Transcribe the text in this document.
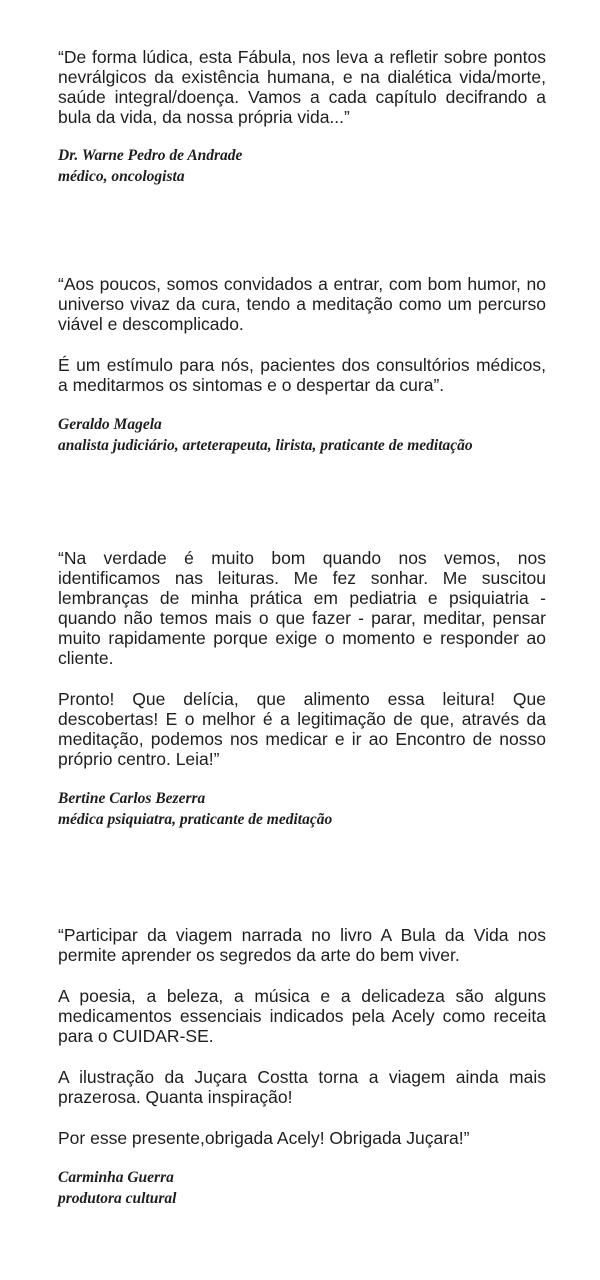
“De forma lúdica, esta Fábula, nos leva a refletir sobre pontos nevrálgicos da existência humana, e na dialética vida/morte, saúde integral/doença. Vamos a cada capítulo decifrando a bula da vida, da nossa própria vida...”

Dr. Warne Pedro de Andrade

médico, oncologista

“Aos poucos, somos convidados a entrar, com bom humor, no universo vivaz da cura, tendo a meditação como um percurso viável e descomplicado.

É um estímulo para nós, pacientes dos consultórios médicos, a meditarmos os sintomas e o despertar da cura”.

Geraldo Magela

analista judiciário, arteterapeuta, lirista, praticante de meditação

“Na verdade é muito bom quando nos vemos, nos identificamos nas leituras. Me fez sonhar. Me suscitou lembranças de minha prática em pediatria e psiquiatria - quando não temos mais o que fazer - parar, meditar, pensar muito rapidamente porque exige o momento e responder ao cliente.

Pronto! Que delícia, que alimento essa leitura! Que descobertas! E o melhor é a legitimação de que, através da meditação, podemos nos medicar e ir ao Encontro de nosso próprio centro. Leia!”

Bertine Carlos Bezerra

médica psiquiatra, praticante de meditação

“Participar da viagem narrada no livro A Bula da Vida nos permite aprender os segredos da arte do bem viver.

A poesia, a beleza, a música e a delicadeza são alguns medicamentos essenciais indicados pela Acely como receita para o CUIDAR-SE.

A ilustração da Juçara Costta torna a viagem ainda mais prazerosa. Quanta inspiração!

Por esse presente,obrigada Acely! Obrigada Juçara!”

Carminha Guerra

produtora cultural
